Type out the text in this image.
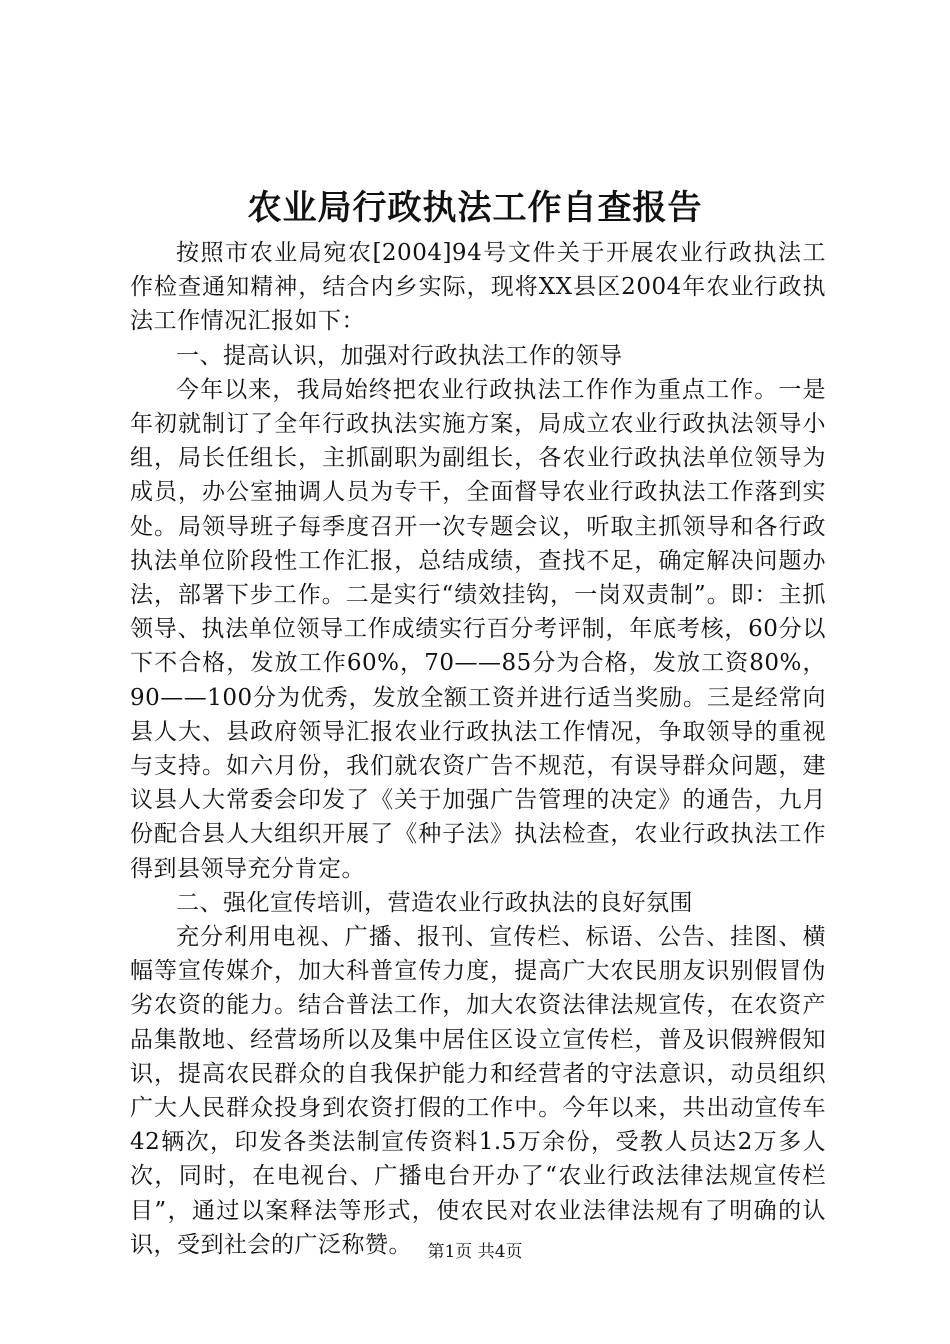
农业局行政执法工作自查报告

按照市农业局宛农[2004]94号文件关于开展农业行政执法工作检查通知精神，结合内乡实际，现将XX县区2004年农业行政执法工作情况汇报如下：

一、提高认识，加强对行政执法工作的领导

今年以来，我局始终把农业行政执法工作作为重点工作。一是年初就制订了全年行政执法实施方案，局成立农业行政执法领导小组，局长任组长，主抓副职为副组长，各农业行政执法单位领导为成员，办公室抽调人员为专干，全面督导农业行政执法工作落到实处。局领导班子每季度召开一次专题会议，听取主抓领导和各行政执法单位阶段性工作汇报，总结成绩，查找不足，确定解决问题办法，部署下步工作。二是实行“绩效挂钩，一岗双责制”。即：主抓领导、执法单位领导工作成绩实行百分考评制，年底考核，60分以下不合格，发放工作60%，70——85分为合格，发放工资80%，90——100分为优秀，发放全额工资并进行适当奖励。三是经常向县人大、县政府领导汇报农业行政执法工作情况，争取领导的重视与支持。如六月份，我们就农资广告不规范，有误导群众问题，建议县人大常委会印发了《关于加强广告管理的决定》的通告，九月份配合县人大组织开展了《种子法》执法检查，农业行政执法工作得到县领导充分肯定。

二、强化宣传培训，营造农业行政执法的良好氛围

充分利用电视、广播、报刊、宣传栏、标语、公告、挂图、横幅等宣传媒介，加大科普宣传力度，提高广大农民朋友识别假冒伪劣农资的能力。结合普法工作，加大农资法律法规宣传，在农资产品集散地、经营场所以及集中居住区设立宣传栏，普及识假辨假知识，提高农民群众的自我保护能力和经营者的守法意识，动员组织广大人民群众投身到农资打假的工作中。今年以来，共出动宣传车42辆次，印发各类法制宣传资料1.5万余份，受教人员达2万多人次，同时，在电视台、广播电台开办了“农业行政法律法规宣传栏目”，通过以案释法等形式，使农民对农业法律法规有了明确的认识，受到社会的广泛称赞。 第1页 共4页
